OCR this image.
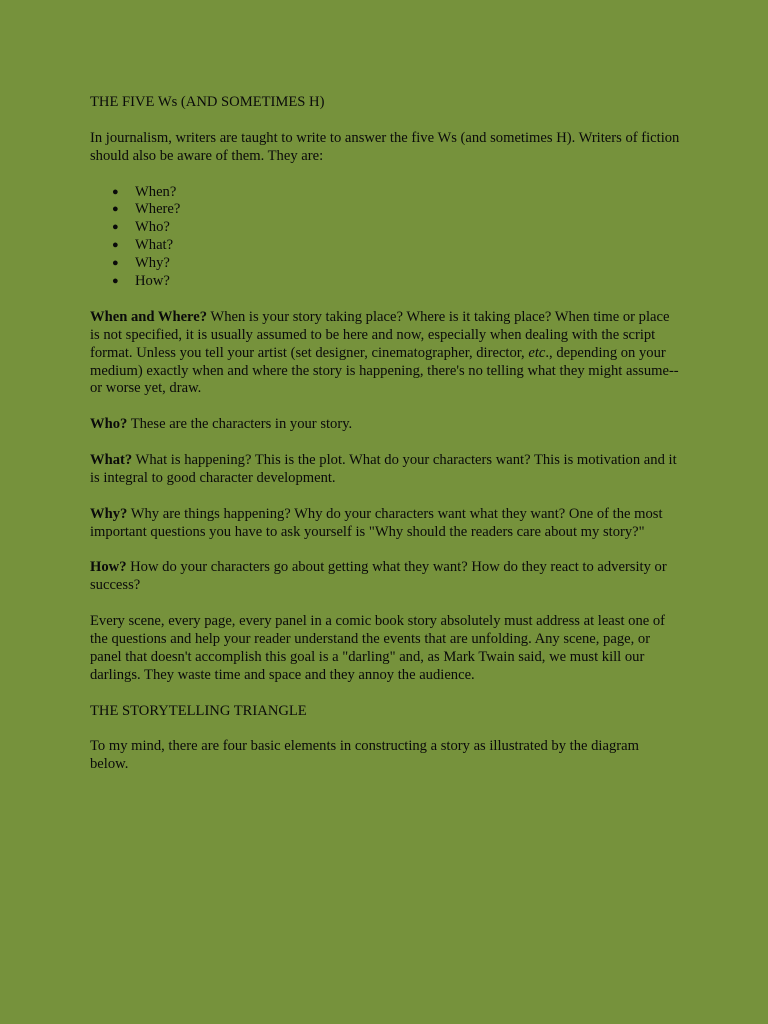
THE FIVE Ws (AND SOMETIMES H)

In journalism, writers are taught to write to answer the five Ws (and sometimes H). Writers of fiction should also be aware of them. They are:

● When?
● Where?
● Who?
● What?
● Why?
● How?

When and Where? When is your story taking place? Where is it taking place? When time or place is not specified, it is usually assumed to be here and now, especially when dealing with the script format. Unless you tell your artist (set designer, cinematographer, director, etc., depending on your medium) exactly when and where the story is happening, there's no telling what they might assume--or worse yet, draw.

Who? These are the characters in your story.

What? What is happening? This is the plot. What do your characters want? This is motivation and it is integral to good character development.

Why? Why are things happening? Why do your characters want what they want? One of the most important questions you have to ask yourself is "Why should the readers care about my story?"

How? How do your characters go about getting what they want? How do they react to adversity or success?

Every scene, every page, every panel in a comic book story absolutely must address at least one of the questions and help your reader understand the events that are unfolding. Any scene, page, or panel that doesn't accomplish this goal is a "darling" and, as Mark Twain said, we must kill our darlings. They waste time and space and they annoy the audience.

THE STORYTELLING TRIANGLE

To my mind, there are four basic elements in constructing a story as illustrated by the diagram below.
